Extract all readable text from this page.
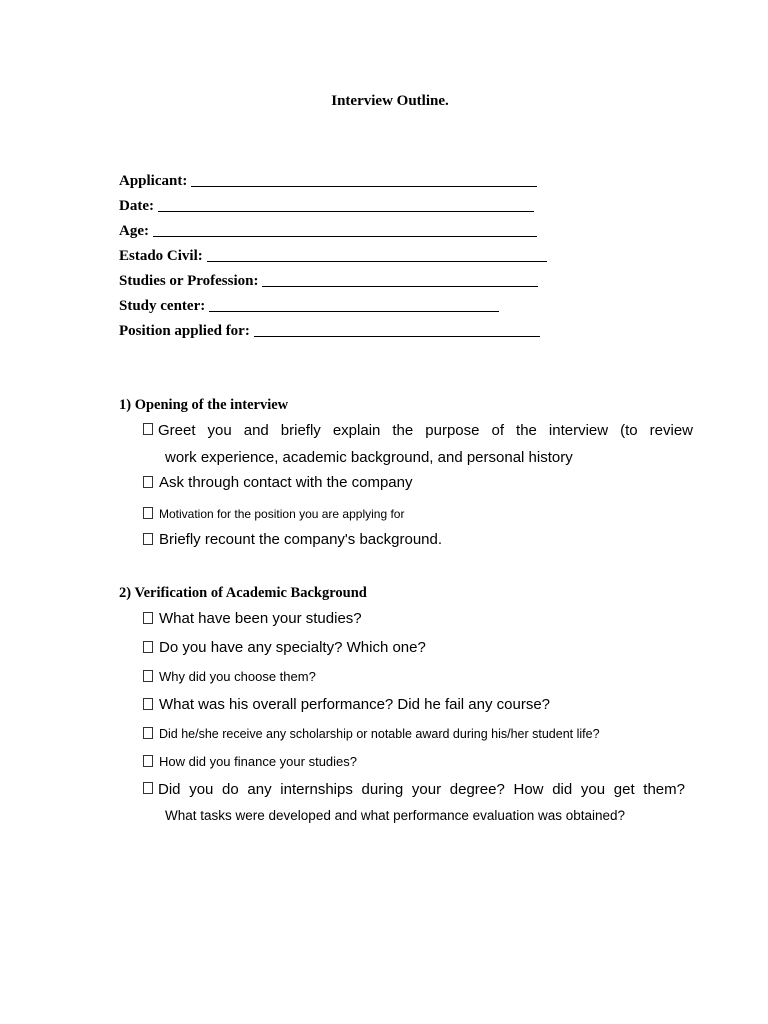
Interview Outline.
Applicant:
Date:
Age:
Estado Civil:
Studies or Profession:
Study center:
Position applied for:
1) Opening of the interview
Greet you and briefly explain the purpose of the interview (to review
work experience, academic background, and personal history
Ask through contact with the company
Motivation for the position you are applying for
Briefly recount the company's background.
2) Verification of Academic Background
What have been your studies?
Do you have any specialty? Which one?
Why did you choose them?
What was his overall performance? Did he fail any course?
Did he/she receive any scholarship or notable award during his/her student life?
How did you finance your studies?
Did you do any internships during your degree? How did you get them?
What tasks were developed and what performance evaluation was obtained?
